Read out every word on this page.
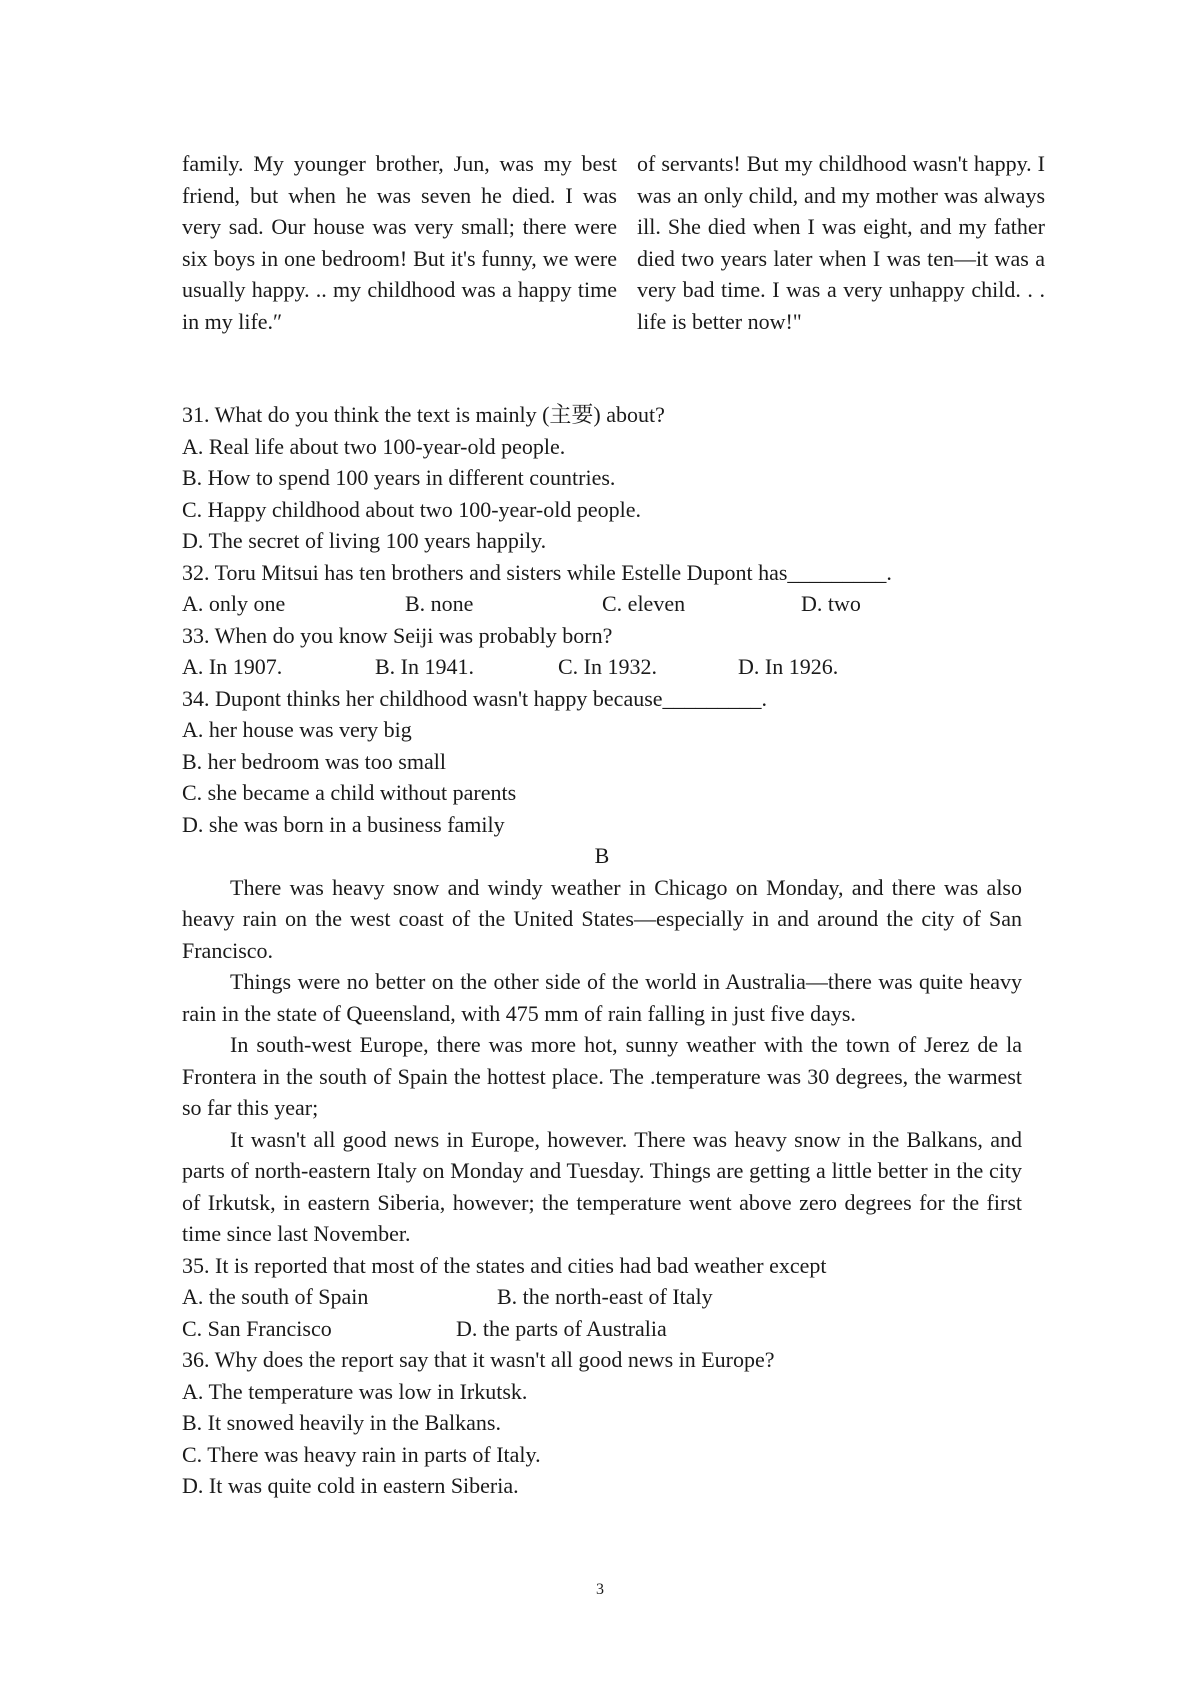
family. My younger brother, Jun, was my best friend, but when he was seven he died. I was very sad. Our house was very small; there were six boys in one bedroom! But it's funny, we were usually happy. .. my childhood was a happy time in my life.″

of servants! But my childhood wasn't happy. I was an only child, and my mother was always ill. She died when I was eight, and my father died two years later when I was ten—it was a very bad time. I was a very unhappy child. . . life is better now!"

31. What do you think the text is mainly (主要) about?
A. Real life about two 100-year-old people.
B. How to spend 100 years in different countries.
C. Happy childhood about two 100-year-old people.
D. The secret of living 100 years happily.
32. Toru Mitsui has ten brothers and sisters while Estelle Dupont has_________.
A. only one	B. none	C. eleven	D. two
33. When do you know Seiji was probably born?
A. In 1907.	B. In 1941.	C. In 1932.	D. In 1926.
34. Dupont thinks her childhood wasn't happy because_________.
A. her house was very big
B. her bedroom was too small
C. she became a child without parents
D. she was born in a business family
B

There was heavy snow and windy weather in Chicago on Monday, and there was also heavy rain on the west coast of the United States—especially in and around the city of San Francisco.

Things were no better on the other side of the world in Australia—there was quite heavy rain in the state of Queensland, with 475 mm of rain falling in just five days.

In south-west Europe, there was more hot, sunny weather with the town of Jerez de la Frontera in the south of Spain the hottest place. The .temperature was 30 degrees, the warmest so far this year;

It wasn't all good news in Europe, however. There was heavy snow in the Balkans, and parts of north-eastern Italy on Monday and Tuesday. Things are getting a little better in the city of Irkutsk, in eastern Siberia, however; the temperature went above zero degrees for the first time since last November.

35. It is reported that most of the states and cities had bad weather except
A. the south of Spain	B. the north-east of Italy
C. San Francisco	D. the parts of Australia
36. Why does the report say that it wasn't all good news in Europe?
A. The temperature was low in Irkutsk.
B. It snowed heavily in the Balkans.
C. There was heavy rain in parts of Italy.
D. It was quite cold in eastern Siberia.
3
